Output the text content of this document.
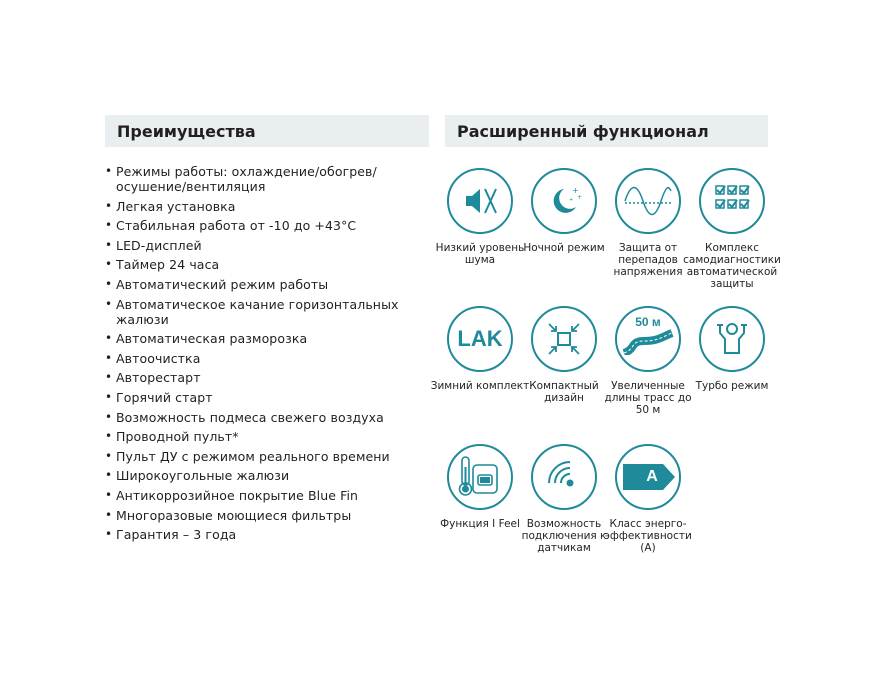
Преимущества	Расширенный функционал
• Режимы работы: охлаждение/обогрев/ осушение/вентиляция
• Легкая установка
• Стабильная работа от -10 до +43°С
• LED-дисплей
• Таймер 24 часа
• Автоматический режим работы
• Автоматическое качание горизонтальных жалюзи
• Автоматическая разморозка
• Автоочистка
• Авторестарт
• Горячий старт
• Возможность подмеса свежего воздуха
• Проводной пульт*
• Пульт ДУ с режимом реального времени
• Широкоугольные жалюзи
• Антикоррозийное покрытие Blue Fin
• Многоразовые моющиеся фильтры
• Гарантия – 3 года
Низкий уровень шума
+
+
+
Ночной режим	Защита от перепадов напряжения
Комплекс самодиагностики автоматической защиты
LAK
Зимний комплект Компактный дизайн
50 м
Увеличенные длины трасс до 50 м
Турбо режим
Функция I Feel Возможность подключения к датчикам
A
Класс энерго-эффективности (А)
